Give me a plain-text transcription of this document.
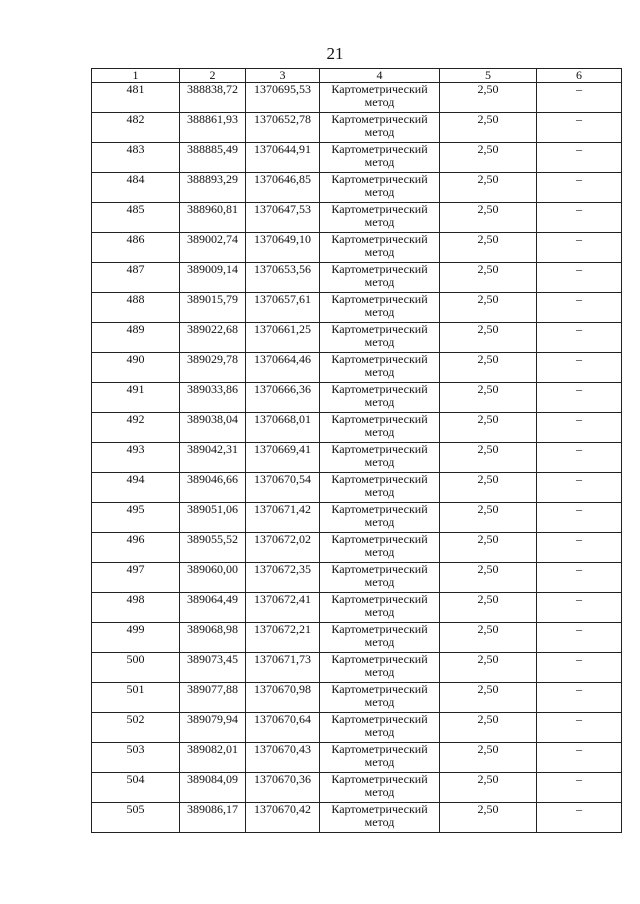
21
1	2	3	4	5	6
481	388838,72	1370695,53	Картометрический метод	2,50	–
482	388861,93	1370652,78	Картометрический метод	2,50	–
483	388885,49	1370644,91	Картометрический метод	2,50	–
484	388893,29	1370646,85	Картометрический метод	2,50	–
485	388960,81	1370647,53	Картометрический метод	2,50	–
486	389002,74	1370649,10	Картометрический метод	2,50	–
487	389009,14	1370653,56	Картометрический метод	2,50	–
488	389015,79	1370657,61	Картометрический метод	2,50	–
489	389022,68	1370661,25	Картометрический метод	2,50	–
490	389029,78	1370664,46	Картометрический метод	2,50	–
491	389033,86	1370666,36	Картометрический метод	2,50	–
492	389038,04	1370668,01	Картометрический метод	2,50	–
493	389042,31	1370669,41	Картометрический метод	2,50	–
494	389046,66	1370670,54	Картометрический метод	2,50	–
495	389051,06	1370671,42	Картометрический метод	2,50	–
496	389055,52	1370672,02	Картометрический метод	2,50	–
497	389060,00	1370672,35	Картометрический метод	2,50	–
498	389064,49	1370672,41	Картометрический метод	2,50	–
499	389068,98	1370672,21	Картометрический метод	2,50	–
500	389073,45	1370671,73	Картометрический метод	2,50	–
501	389077,88	1370670,98	Картометрический метод	2,50	–
502	389079,94	1370670,64	Картометрический метод	2,50	–
503	389082,01	1370670,43	Картометрический метод	2,50	–
504	389084,09	1370670,36	Картометрический метод	2,50	–
505	389086,17	1370670,42	Картометрический метод	2,50	–
